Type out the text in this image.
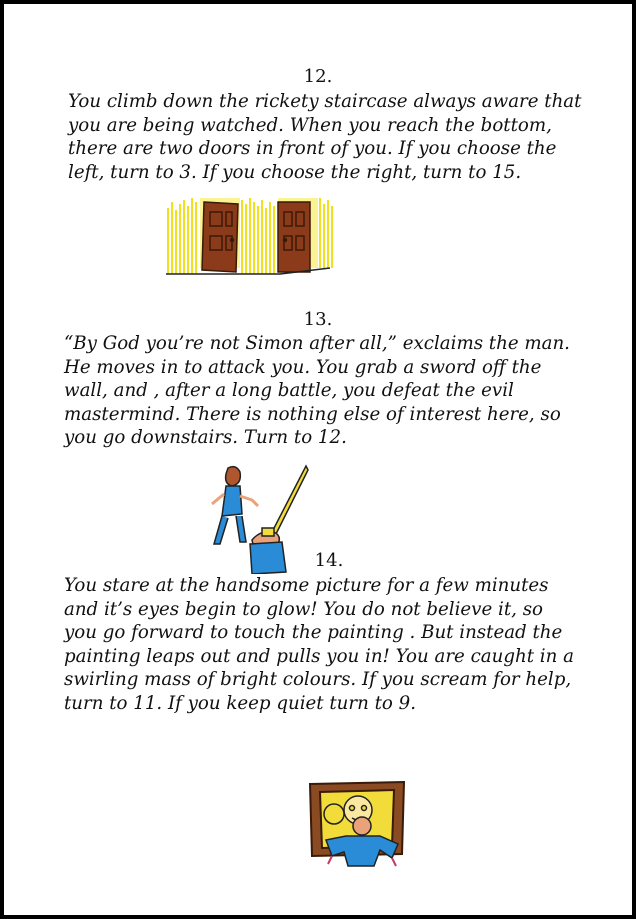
12.
You climb down the rickety staircase always aware that
you are being watched. When you reach the bottom,
there are two doors in front of you. If you choose the
left, turn to 3. If you choose the right, turn to 15.
13.
“By God you’re not Simon after all,” exclaims the man.
He moves in to attack you. You grab a sword off the
wall, and , after a long battle, you defeat the evil
mastermind. There is nothing else of interest here, so
you go downstairs. Turn to 12.
14.
You stare at the handsome picture for a few minutes
and it’s eyes begin to glow! You do not believe it, so
you go forward to touch the painting . But instead the
painting leaps out and pulls you in! You are caught in a
swirling mass of bright colours. If you scream for help,
turn to 11. If you keep quiet turn to 9.
